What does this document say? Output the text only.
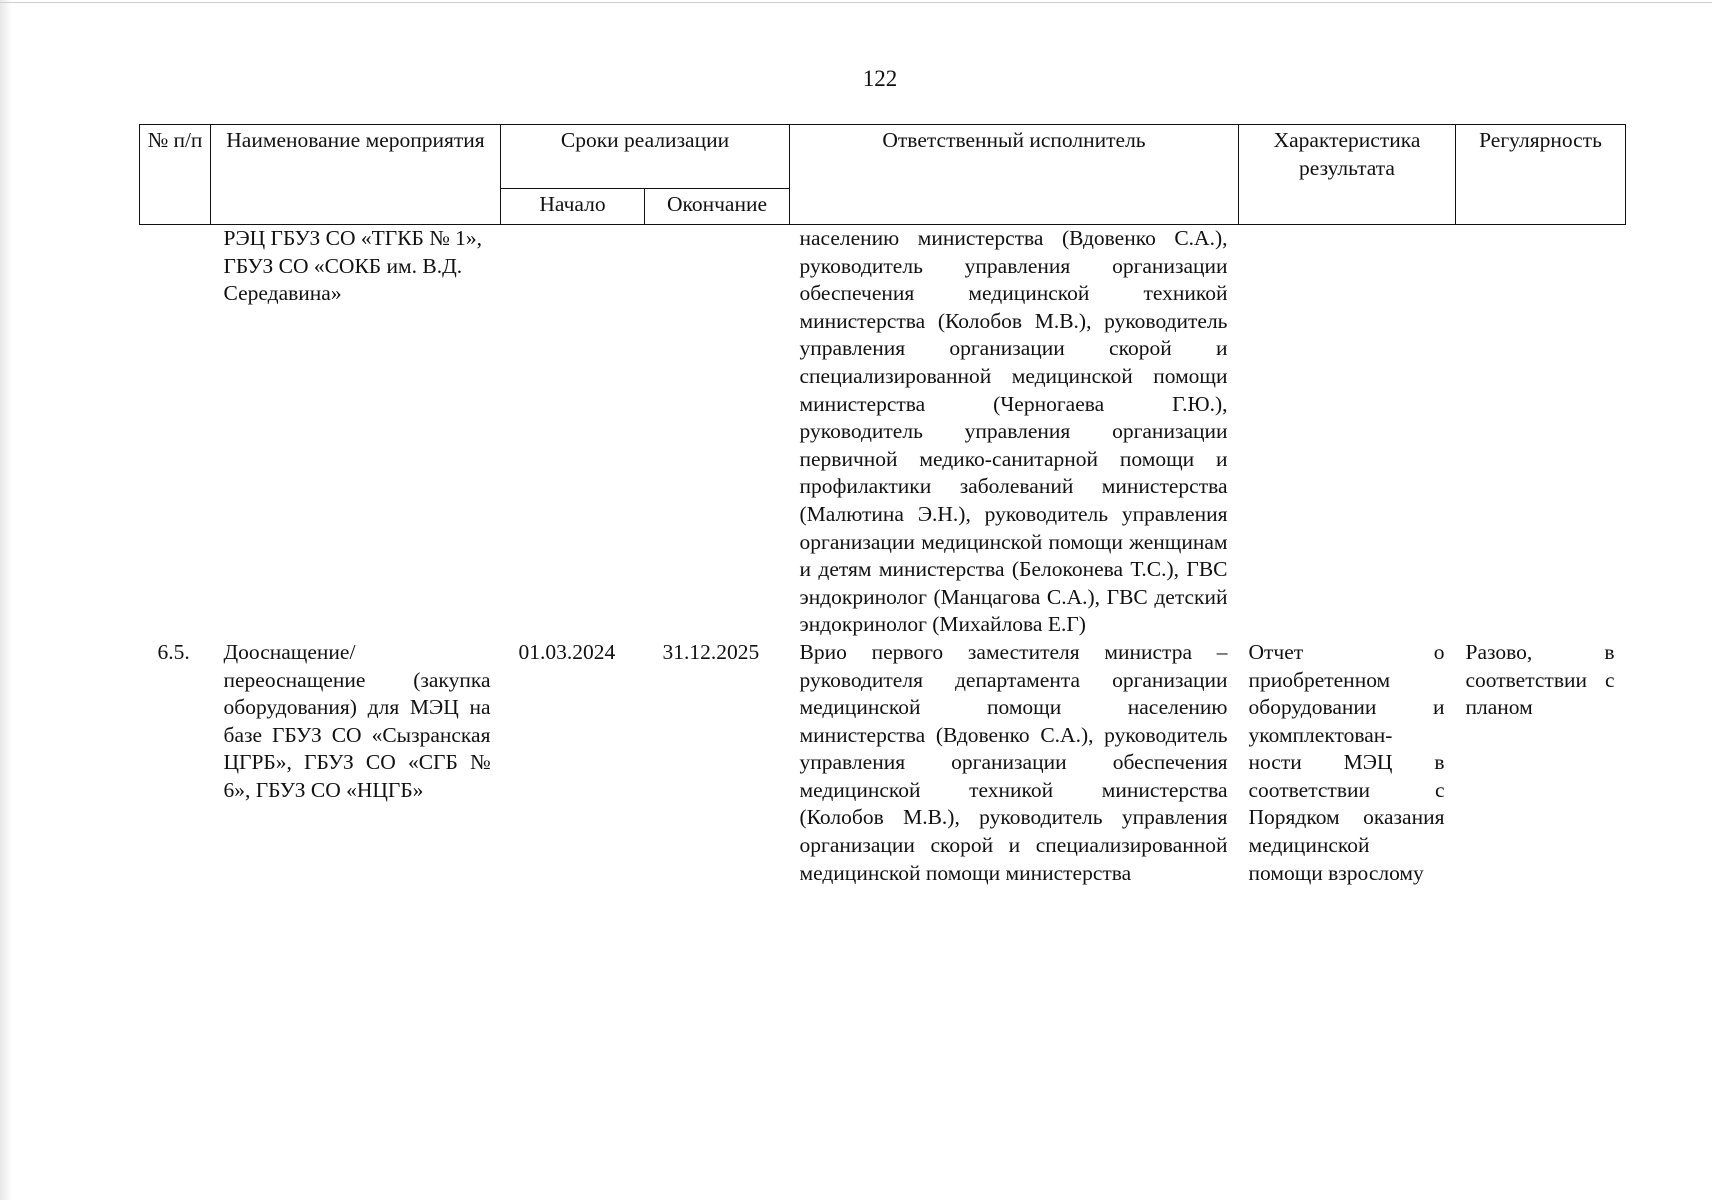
122
№ п/п	Наименование мероприятия	Сроки реализации		Ответственный исполнитель	Характеристика результата	Регулярность
		Начало	Окончание			
	РЭЦ ГБУЗ СО «ТГКБ № 1», ГБУЗ СО «СОКБ им. В.Д. Середавина»			населению министерства (Вдовенко С.А.), руководитель управления организации обеспечения медицинской техникой министерства (Колобов М.В.), руководитель управления организации скорой и специализированной медицинской помощи министерства (Черногаева Г.Ю.), руководитель управления организации первичной медико-санитарной помощи и профилактики заболеваний министерства (Малютина Э.Н.), руководитель управления организации медицинской помощи женщинам и детям министерства (Белоконева Т.С.), ГВС эндокринолог (Манцагова С.А.), ГВС детский эндокринолог (Михайлова Е.Г)		
6.5.	Дооснащение/ переоснащение (закупка оборудования) для МЭЦ на базе ГБУЗ СО «Сызранская ЦГРБ», ГБУЗ СО «СГБ № 6», ГБУЗ СО «НЦГБ»	01.03.2024	31.12.2025	Врио первого заместителя министра – руководителя департамента организации медицинской помощи населению министерства (Вдовенко С.А.), руководитель управления организации обеспечения медицинской техникой министерства (Колобов М.В.), руководитель управления организации скорой и специализированной медицинской помощи министерства	Отчет о приобретенном оборудовании и укомплектован-ности МЭЦ в соответствии с Порядком оказания медицинской помощи взрослому	Разово, в соответствии с планом
